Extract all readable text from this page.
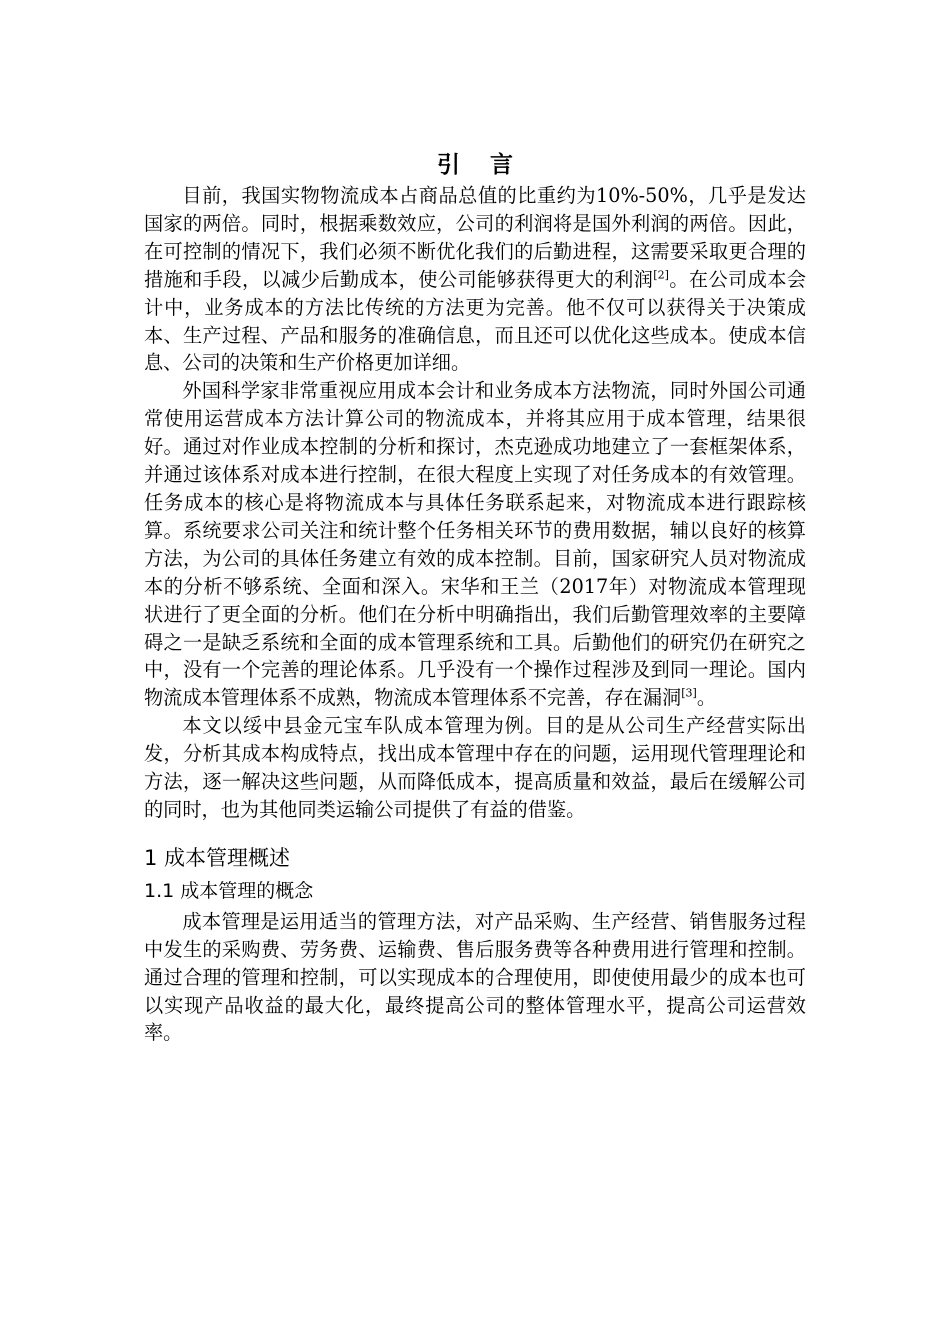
引言

目前，我国实物物流成本占商品总值的比重约为10%-50%，几乎是发达国家的两倍。同时，根据乘数效应，公司的利润将是国外利润的两倍。因此，在可控制的情况下，我们必须不断优化我们的后勤进程，这需要采取更合理的措施和手段，以减少后勤成本，使公司能够获得更大的利润[2]。在公司成本会计中，业务成本的方法比传统的方法更为完善。他不仅可以获得关于决策成本、生产过程、产品和服务的准确信息，而且还可以优化这些成本。使成本信息、公司的决策和生产价格更加详细。

外国科学家非常重视应用成本会计和业务成本方法物流，同时外国公司通常使用运营成本方法计算公司的物流成本，并将其应用于成本管理，结果很好。通过对作业成本控制的分析和探讨，杰克逊成功地建立了一套框架体系，并通过该体系对成本进行控制，在很大程度上实现了对任务成本的有效管理。任务成本的核心是将物流成本与具体任务联系起来，对物流成本进行跟踪核算。系统要求公司关注和统计整个任务相关环节的费用数据，辅以良好的核算方法，为公司的具体任务建立有效的成本控制。目前，国家研究人员对物流成本的分析不够系统、全面和深入。宋华和王兰（2017年）对物流成本管理现状进行了更全面的分析。他们在分析中明确指出，我们后勤管理效率的主要障碍之一是缺乏系统和全面的成本管理系统和工具。后勤他们的研究仍在研究之中，没有一个完善的理论体系。几乎没有一个操作过程涉及到同一理论。国内物流成本管理体系不成熟，物流成本管理体系不完善，存在漏洞[3]。

本文以绥中县金元宝车队成本管理为例。目的是从公司生产经营实际出发，分析其成本构成特点，找出成本管理中存在的问题，运用现代管理理论和方法，逐一解决这些问题，从而降低成本，提高质量和效益，最后在缓解公司的同时，也为其他同类运输公司提供了有益的借鉴。

1 成本管理概述
1.1 成本管理的概念

成本管理是运用适当的管理方法，对产品采购、生产经营、销售服务过程中发生的采购费、劳务费、运输费、售后服务费等各种费用进行管理和控制。通过合理的管理和控制，可以实现成本的合理使用，即使使用最少的成本也可以实现产品收益的最大化，最终提高公司的整体管理水平，提高公司运营效率。
